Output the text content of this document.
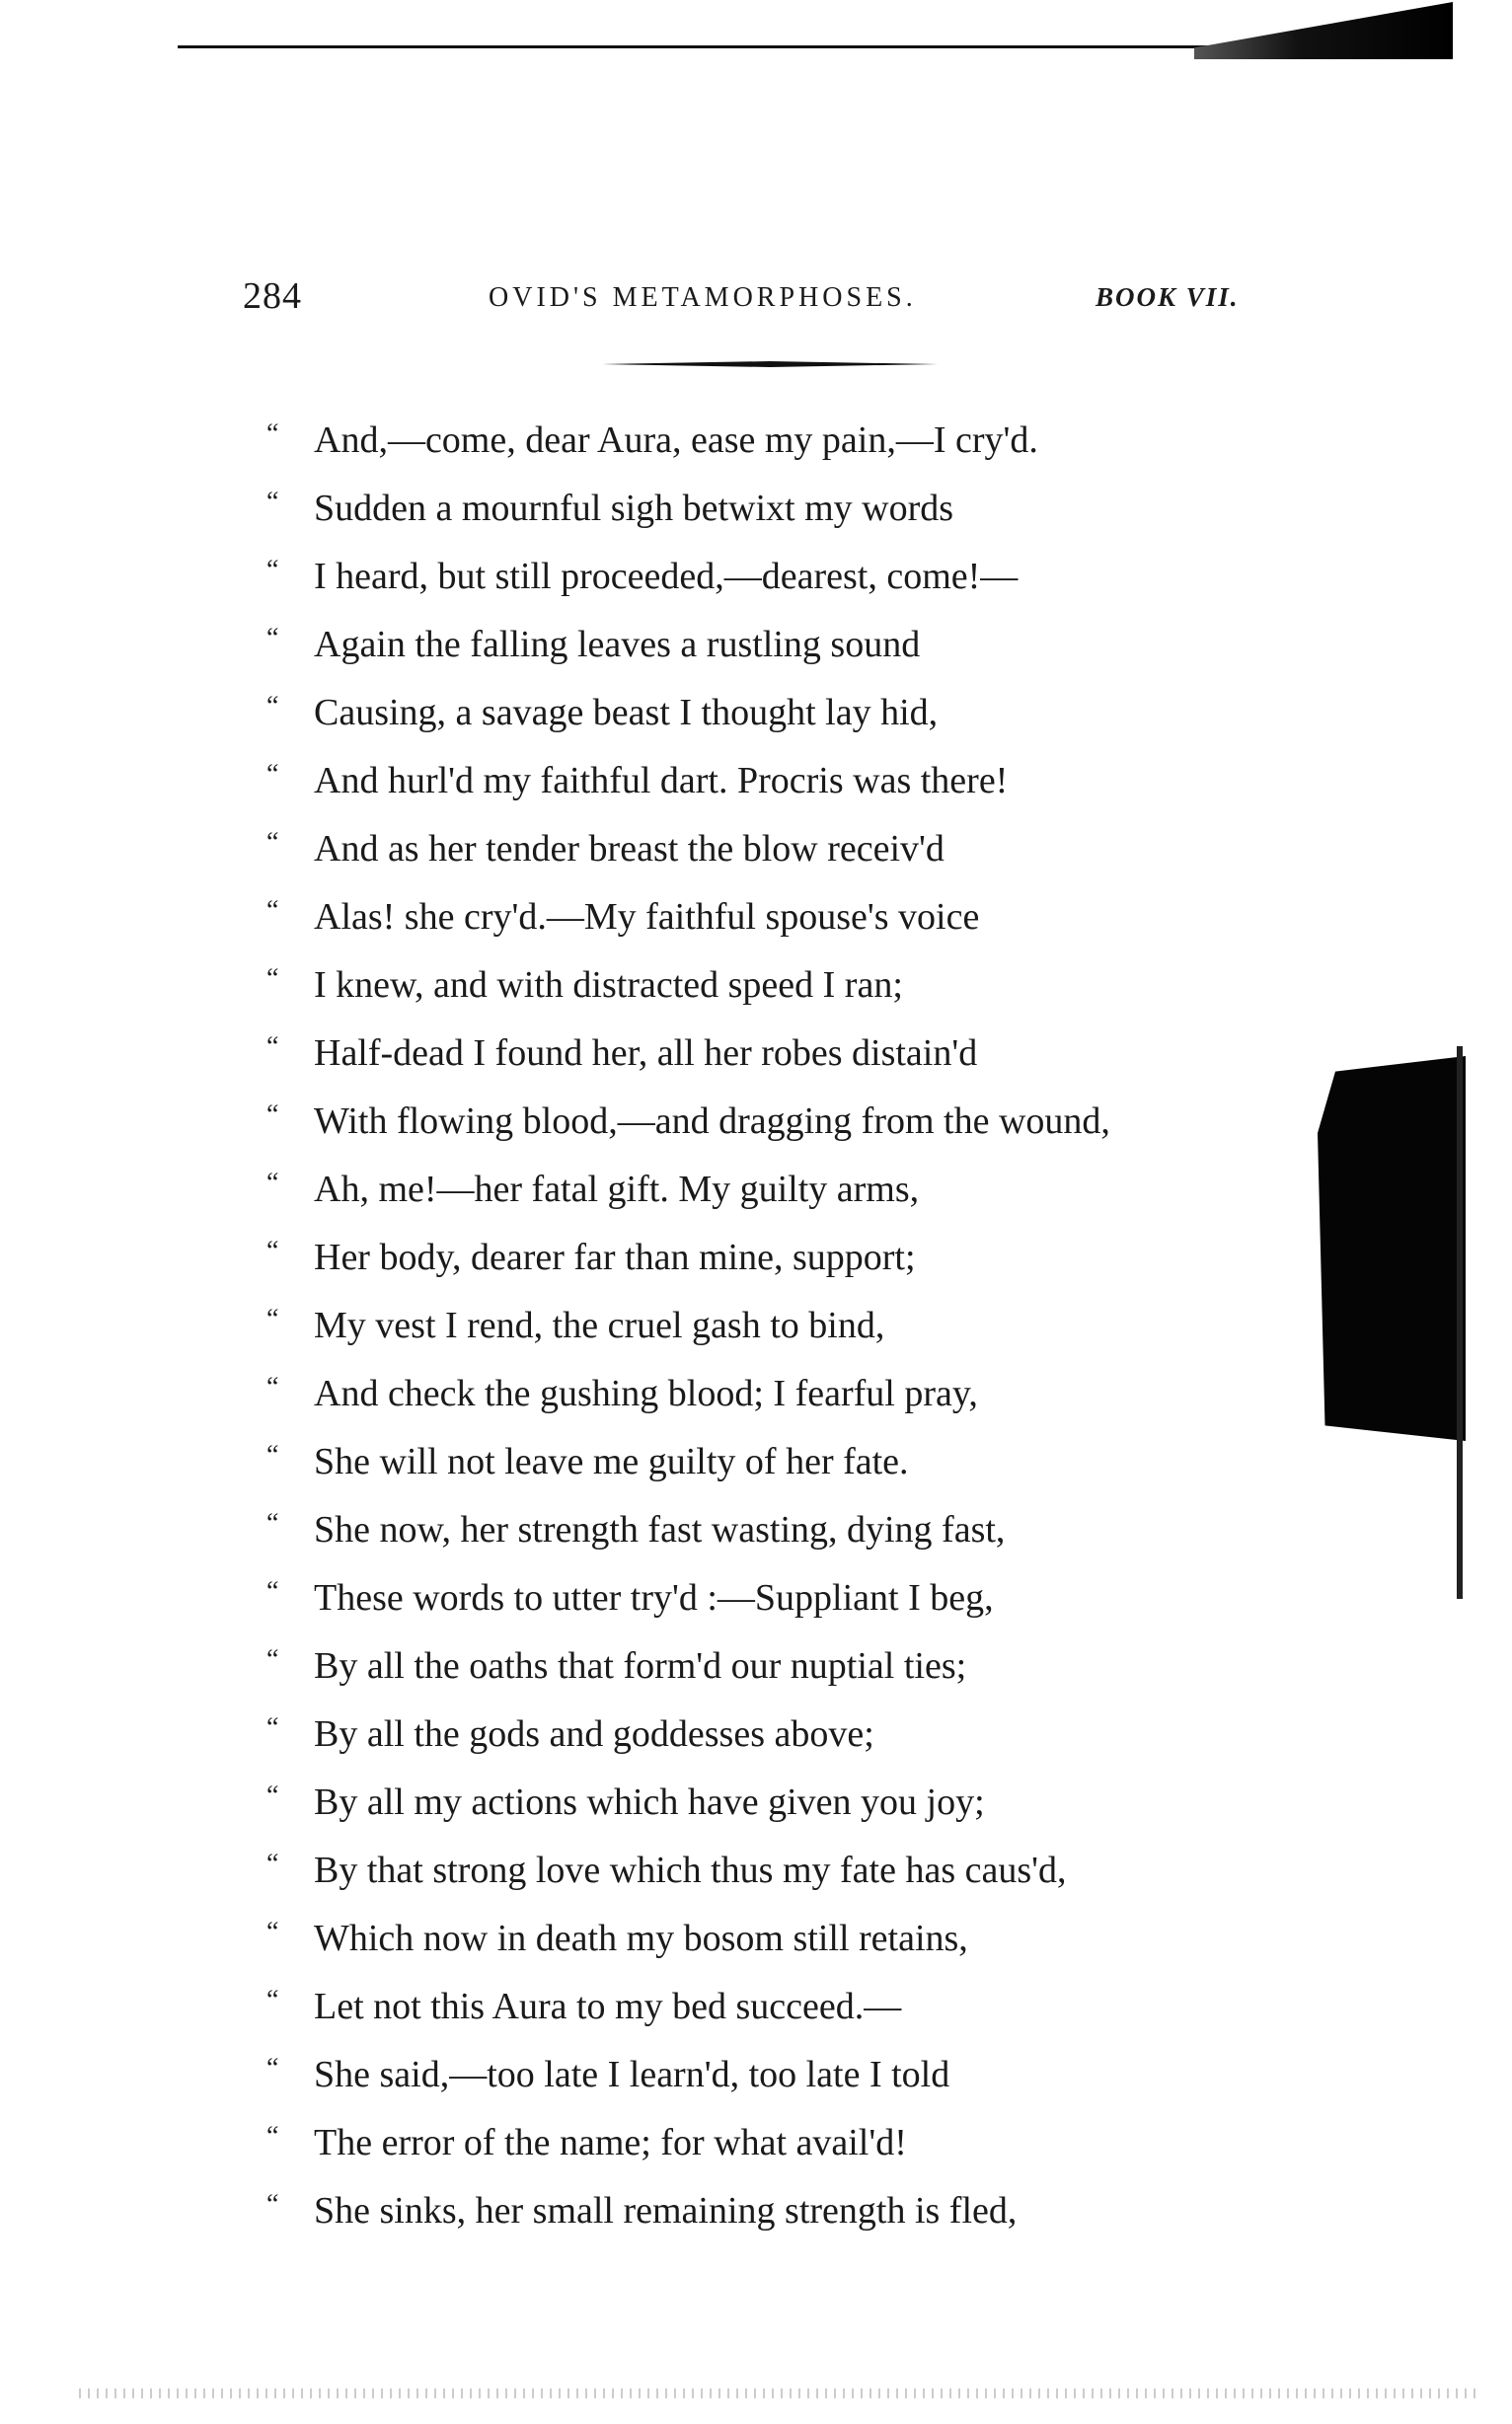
284	OVID'S METAMORPHOSES.	BOOK VII.
“ And,—come, dear Aura, ease my pain,—I cry'd.
“ Sudden a mournful sigh betwixt my words
“ I heard, but still proceeded,—dearest, come!—
“ Again the falling leaves a rustling sound
“ Causing, a savage beast I thought lay hid,
“ And hurl'd my faithful dart. Procris was there!
“ And as her tender breast the blow receiv'd
“ Alas! she cry'd.—My faithful spouse's voice
“ I knew, and with distracted speed I ran;
“ Half-dead I found her, all her robes distain'd
“ With flowing blood,—and dragging from the wound,
“ Ah, me!—her fatal gift. My guilty arms,
“ Her body, dearer far than mine, support;
“ My vest I rend, the cruel gash to bind,
“ And check the gushing blood; I fearful pray,
“ She will not leave me guilty of her fate.
“ She now, her strength fast wasting, dying fast,
“ These words to utter try'd :—Suppliant I beg,
“ By all the oaths that form'd our nuptial ties;
“ By all the gods and goddesses above;
“ By all my actions which have given you joy;
“ By that strong love which thus my fate has caus'd,
“ Which now in death my bosom still retains,
“ Let not this Aura to my bed succeed.—
“ She said,—too late I learn'd, too late I told
“ The error of the name; for what avail'd!
“ She sinks, her small remaining strength is fled,
